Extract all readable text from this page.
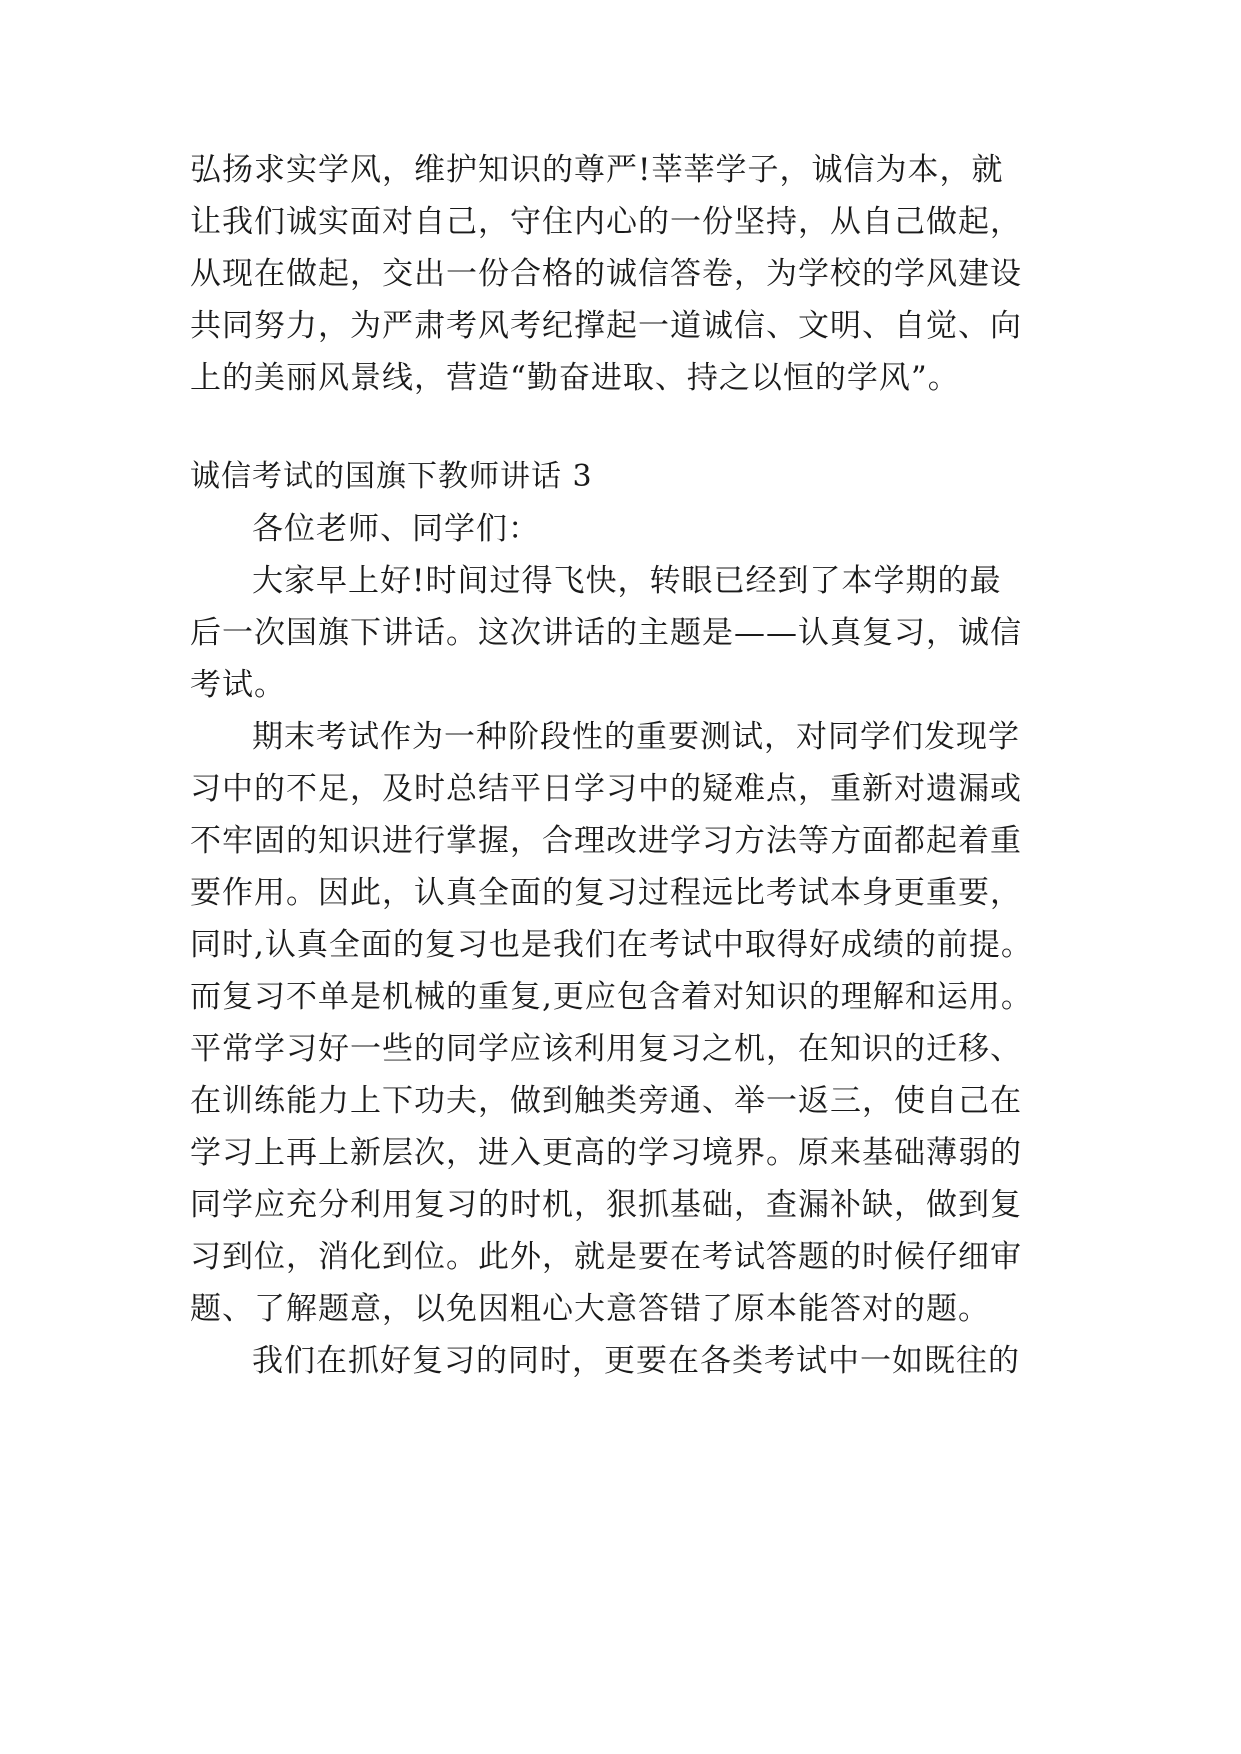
弘扬求实学风，维护知识的尊严!莘莘学子，诚信为本，就
让我们诚实面对自己，守住内心的一份坚持，从自己做起，
从现在做起，交出一份合格的诚信答卷，为学校的学风建设
共同努力，为严肃考风考纪撑起一道诚信、文明、自觉、向
上的美丽风景线，营造“勤奋进取、持之以恒的学风”。
诚信考试的国旗下教师讲话 3
各位老师、同学们：
大家早上好!时间过得飞快，转眼已经到了本学期的最
后一次国旗下讲话。这次讲话的主题是——认真复习，诚信
考试。
期末考试作为一种阶段性的重要测试，对同学们发现学
习中的不足，及时总结平日学习中的疑难点，重新对遗漏或
不牢固的知识进行掌握，合理改进学习方法等方面都起着重
要作用。因此，认真全面的复习过程远比考试本身更重要，
同时,认真全面的复习也是我们在考试中取得好成绩的前提。
而复习不单是机械的重复,更应包含着对知识的理解和运用。
平常学习好一些的同学应该利用复习之机，在知识的迁移、
在训练能力上下功夫，做到触类旁通、举一返三，使自己在
学习上再上新层次，进入更高的学习境界。原来基础薄弱的
同学应充分利用复习的时机，狠抓基础，查漏补缺，做到复
习到位，消化到位。此外，就是要在考试答题的时候仔细审
题、了解题意，以免因粗心大意答错了原本能答对的题。
我们在抓好复习的同时，更要在各类考试中一如既往的
